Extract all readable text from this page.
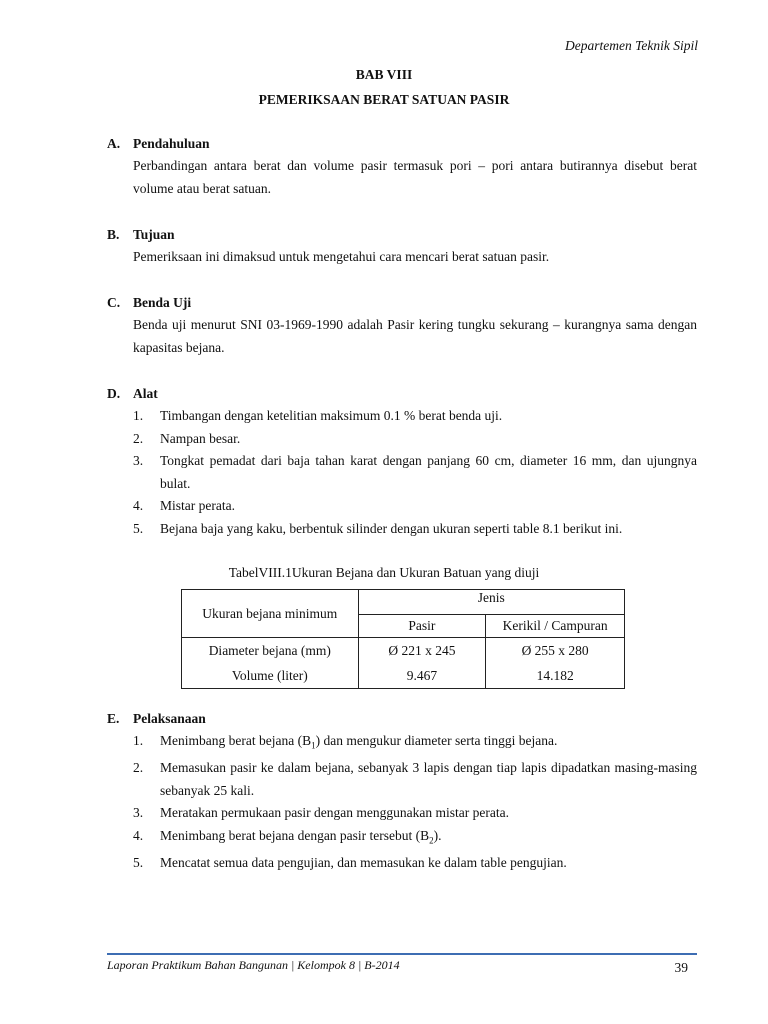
Departemen Teknik Sipil
BAB VIII
PEMERIKSAAN BERAT SATUAN PASIR
A. Pendahuluan
Perbandingan antara berat dan volume pasir termasuk pori – pori antara butirannya disebut berat volume atau berat satuan.
B.	Tujuan
Pemeriksaan ini dimaksud untuk mengetahui cara mencari berat satuan pasir.
C. Benda Uji
Benda uji menurut SNI 03-1969-1990 adalah Pasir kering tungku sekurang – kurangnya sama dengan kapasitas bejana.
D. Alat
1.	Timbangan dengan ketelitian maksimum 0.1 % berat benda uji.
2.	Nampan besar.
3.	Tongkat pemadat dari baja tahan karat dengan panjang 60 cm, diameter 16 mm, dan ujungnya bulat.
4.	Mistar perata.
5.	Bejana baja yang kaku, berbentuk silinder dengan ukuran seperti table 8.1 berikut ini.
TabelVIII.1Ukuran Bejana dan Ukuran Batuan yang diuji
Ukuran bejana minimum	Jenis	
	Pasir	Kerikil / Campuran
Diameter bejana (mm)	Ø 221 x 245	Ø 255 x 280
Volume (liter)	9.467	14.182
E.	Pelaksanaan
1.	Menimbang berat bejana $(B_1)$ dan mengukur diameter serta tinggi bejana.
2.	Memasukan pasir ke dalam bejana, sebanyak 3 lapis dengan tiap lapis dipadatkan masing-masing sebanyak 25 kali.
3.	Meratakan permukaan pasir dengan menggunakan mistar perata.
4.	Menimbang berat bejana dengan pasir tersebut $(B_2)$.
5.	Mencatat semua data pengujian, dan memasukan ke dalam table pengujian.
Laporan Praktikum Bahan Bangunan | Kelompok 8 | B-2014	39
